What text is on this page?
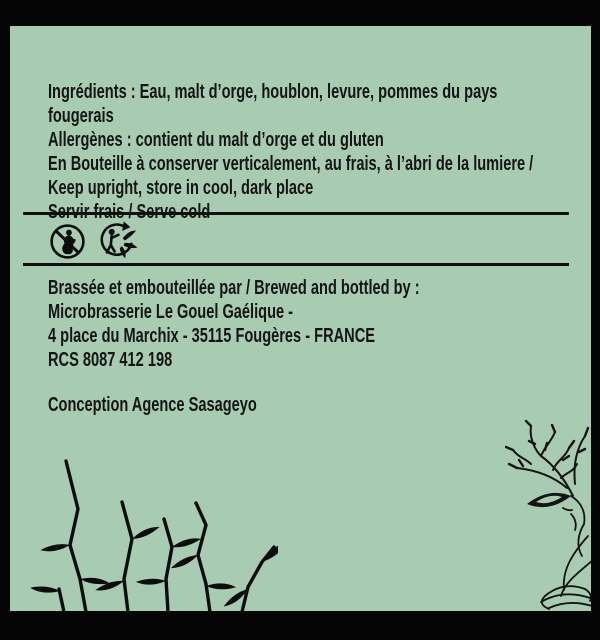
Ingrédients : Eau, malt d’orge, houblon, levure, pommes du pays
fougerais
Allergènes : contient du malt d’orge et du gluten
En Bouteille à conserver verticalement, au frais, à l’abri de la lumiere /
Keep upright, store in cool, dark place
Brassée et embouteillée par / Brewed and bottled by :
Microbrasserie Le Gouel Gaélique -
4 place du Marchix - 35115 Fougères - FRANCE
RCS 8087 412 198
Conception Agence Sasageyo
